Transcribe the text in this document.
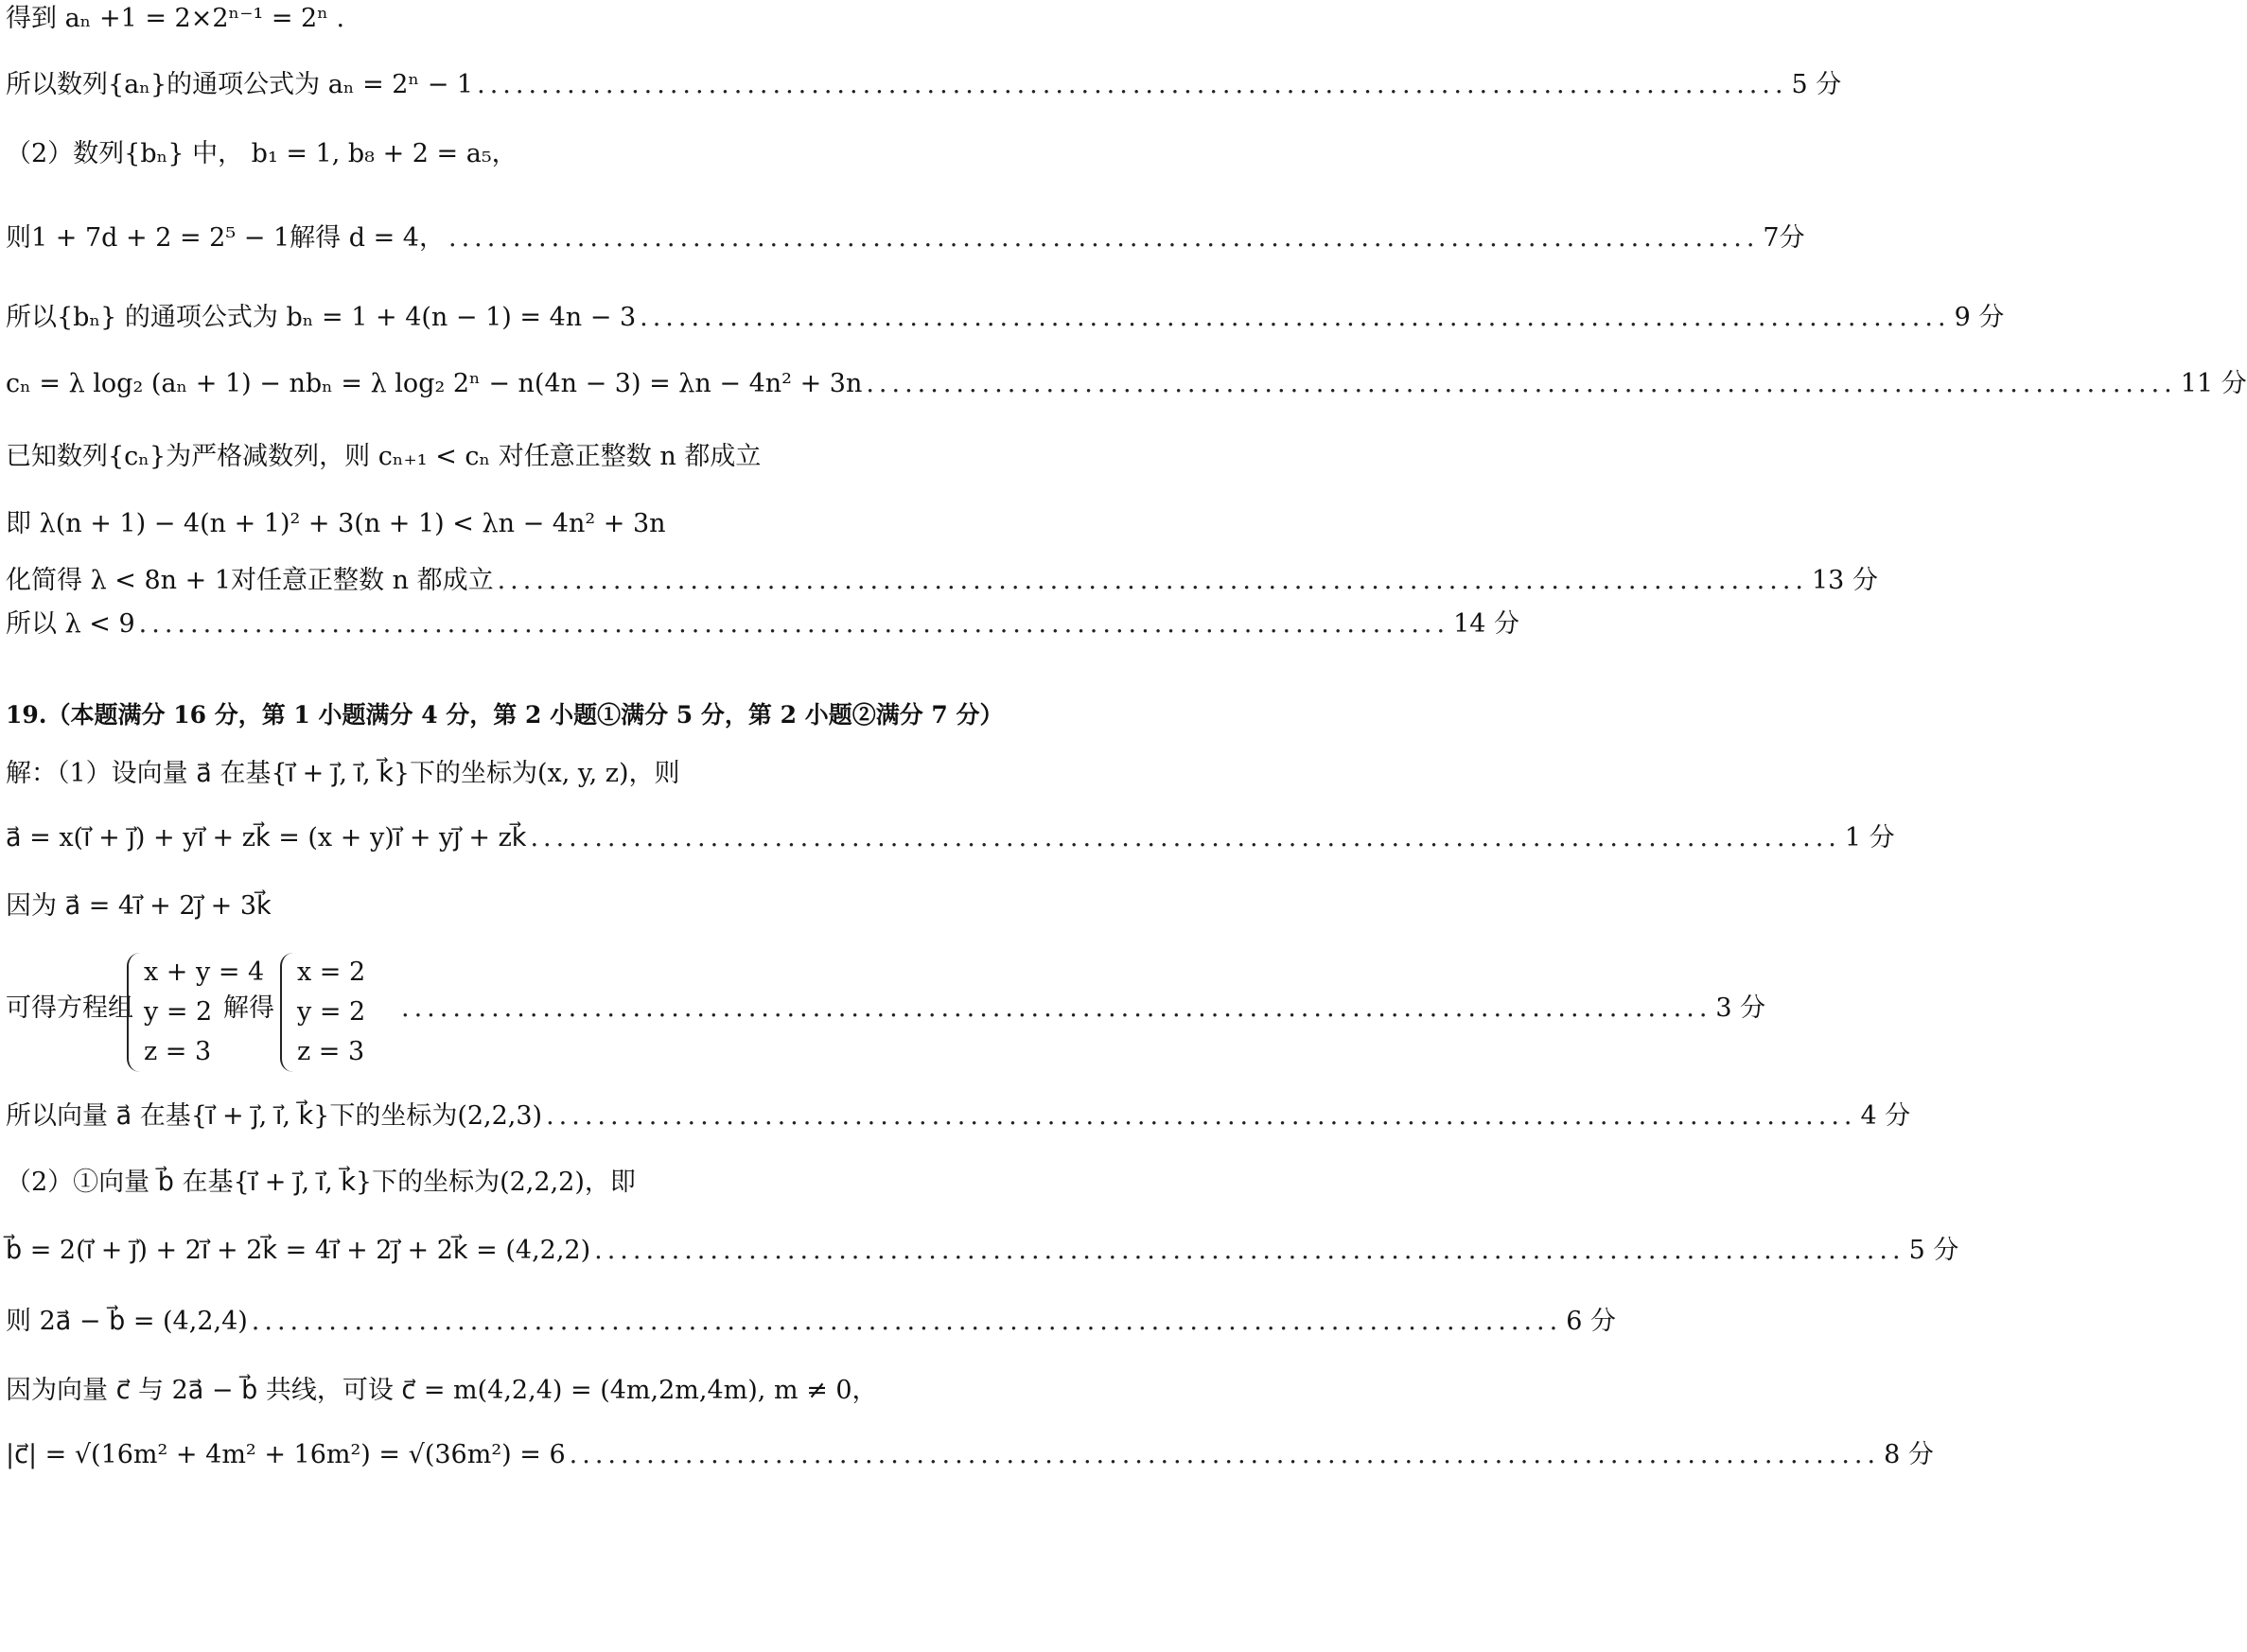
得到 aₙ +1 = 2×2ⁿ⁻¹ = 2ⁿ .
所以数列{aₙ}的通项公式为 aₙ = 2ⁿ − 1 ...................................................................................................... 5 分
（2）数列{bₙ} 中， b₁ = 1, b₈ + 2 = a₅，
则1 + 7d + 2 = 2⁵ − 1解得 d = 4， ...................................................................................................... 7分
所以{bₙ} 的通项公式为 bₙ = 1 + 4(n − 1) = 4n − 3 ...................................................................................................... 9 分
cₙ = λ log₂ (aₙ + 1) − nbₙ = λ log₂ 2ⁿ − n(4n − 3) = λn − 4n² + 3n ...................................................................................................... 11 分
已知数列{cₙ}为严格减数列，则 cₙ₊₁ < cₙ 对任意正整数 n 都成立
即 λ(n + 1) − 4(n + 1)² + 3(n + 1) < λn − 4n² + 3n
化简得 λ < 8n + 1对任意正整数 n 都成立 ...................................................................................................... 13 分
所以 λ < 9 ...................................................................................................... 14 分
19.（本题满分 16 分，第 1 小题满分 4 分，第 2 小题①满分 5 分，第 2 小题②满分 7 分）
解：（1）设向量 a⃗ 在基{i⃗ + j⃗, i⃗, k⃗}下的坐标为(x, y, z)，则
a⃗ = x(i⃗ + j⃗) + yi⃗ + zk⃗ = (x + y)i⃗ + yj⃗ + zk⃗ ...................................................................................................... 1 分
因为 a⃗ = 4i⃗ + 2j⃗ + 3k⃗
可得方程组
x + y = 4
y = 2
z = 3
解得
x = 2
y = 2
z = 3
...................................................................................................... 3 分
所以向量 a⃗ 在基{i⃗ + j⃗, i⃗, k⃗}下的坐标为(2,2,3) ...................................................................................................... 4 分
（2）①向量 b⃗ 在基{i⃗ + j⃗, i⃗, k⃗}下的坐标为(2,2,2)，即
b⃗ = 2(i⃗ + j⃗) + 2i⃗ + 2k⃗ = 4i⃗ + 2j⃗ + 2k⃗ = (4,2,2) ...................................................................................................... 5 分
则 2a⃗ − b⃗ = (4,2,4) ...................................................................................................... 6 分
因为向量 c⃗ 与 2a⃗ − b⃗ 共线，可设 c⃗ = m(4,2,4) = (4m,2m,4m), m ≠ 0，
|c⃗| = √(16m² + 4m² + 16m²) = √(36m²) = 6 ...................................................................................................... 8 分
